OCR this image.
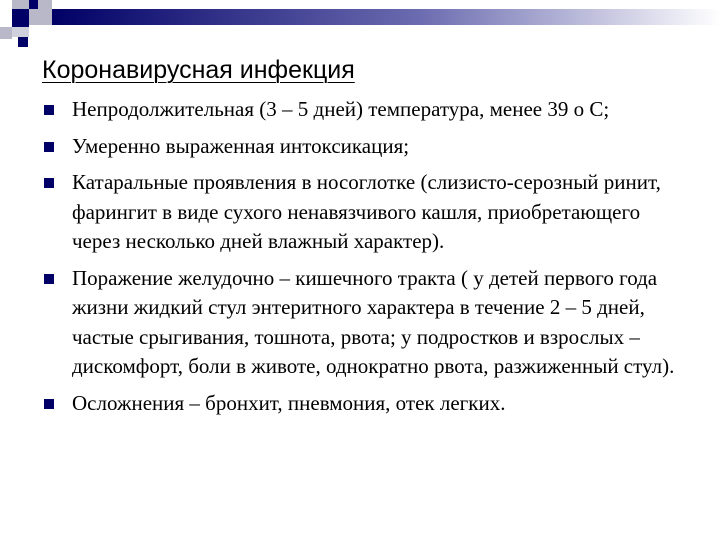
Коронавирусная инфекция
Непродолжительная (3 – 5 дней) температура, менее 39 о С;
Умеренно выраженная интоксикация;
Катаральные проявления в носоглотке (слизисто-серозный ринит, фарингит в виде сухого ненавязчивого кашля, приобретающего через несколько дней влажный характер).
Поражение желудочно – кишечного тракта ( у детей первого года жизни жидкий стул энтеритного характера в течение 2 – 5 дней, частые срыгивания, тошнота, рвота; у подростков и взрослых – дискомфорт, боли в животе, однократно рвота, разжиженный стул).
Осложнения – бронхит, пневмония, отек легких.
